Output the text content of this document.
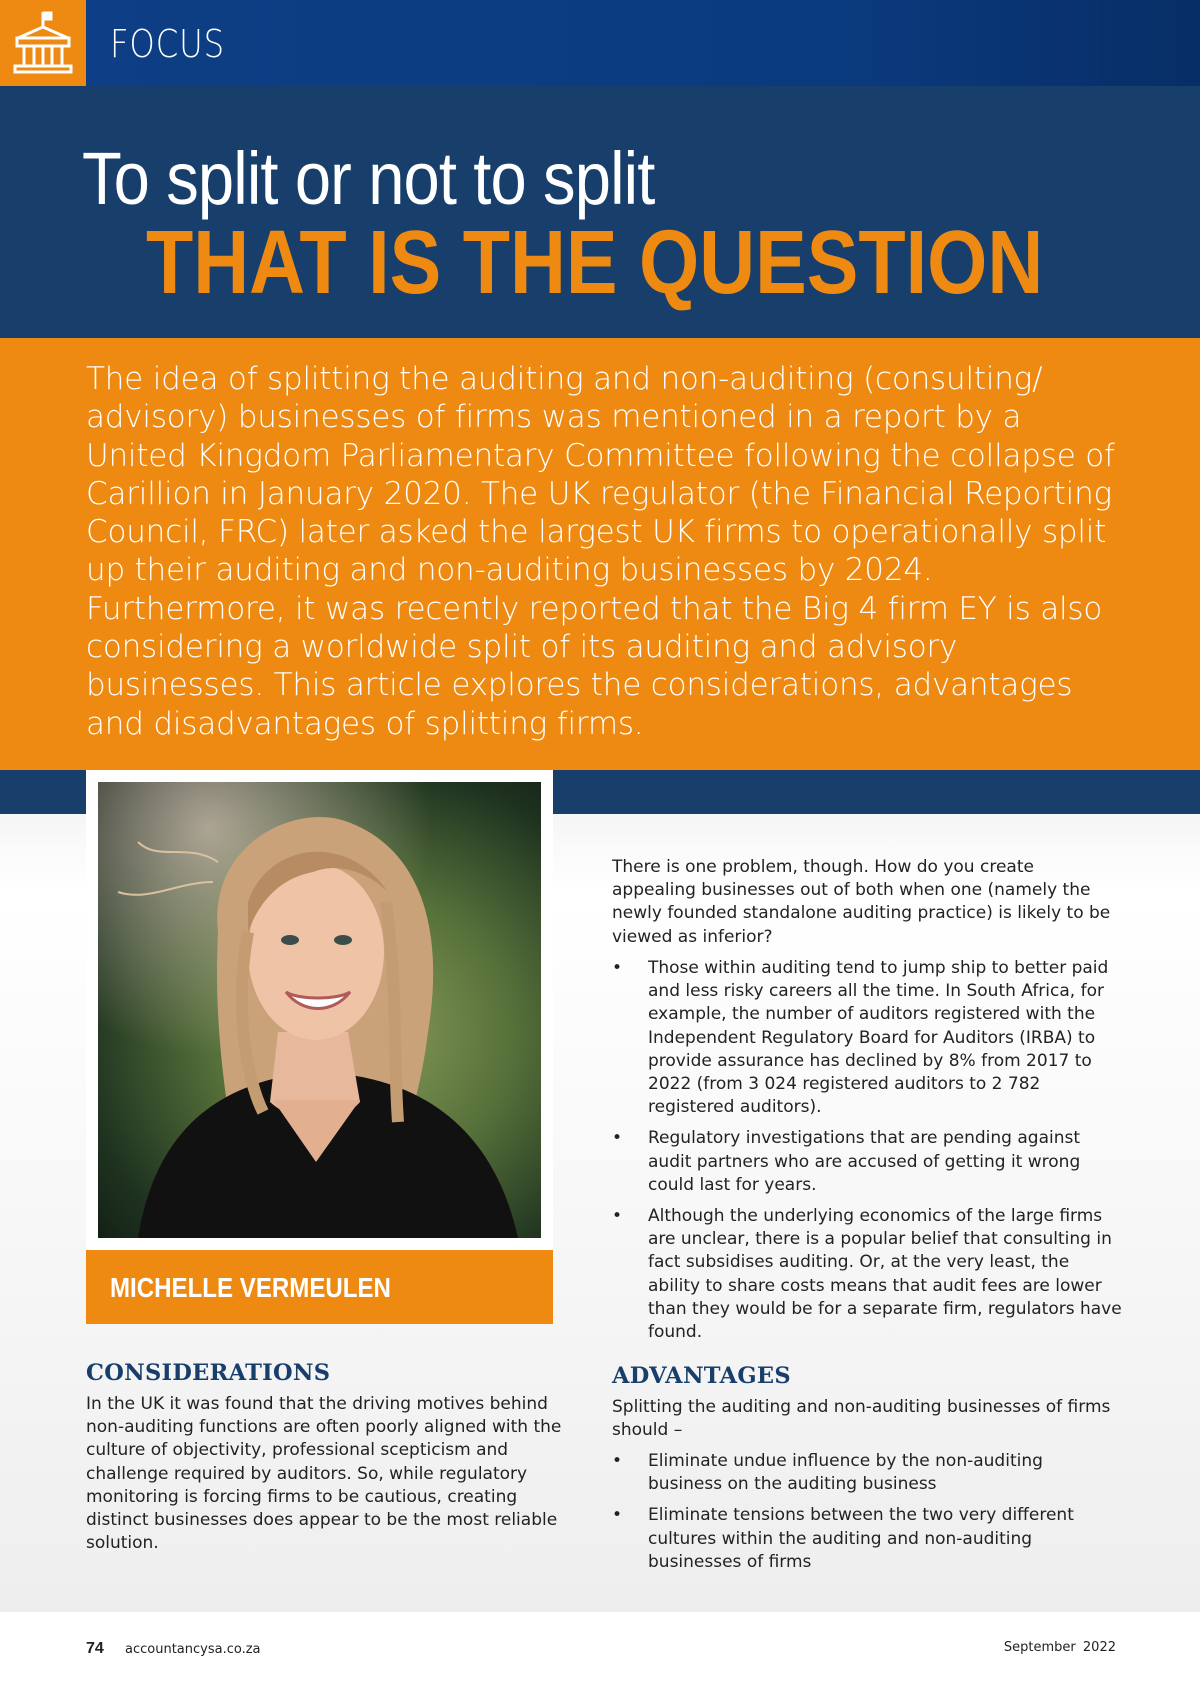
FOCUS
To split or not to split
THAT IS THE QUESTION
The idea of splitting the auditing and non-auditing (consulting/ advisory) businesses of firms was mentioned in a report by a United Kingdom Parliamentary Committee following the collapse of Carillion in January 2020. The UK regulator (the Financial Reporting Council, FRC) later asked the largest UK firms to operationally split up their auditing and non-auditing businesses by 2024. Furthermore, it was recently reported that the Big 4 firm EY is also considering a worldwide split of its auditing and advisory businesses. This article explores the considerations, advantages and disadvantages of splitting firms.
MICHELLE VERMEULEN
CONSIDERATIONS
In the UK it was found that the driving motives behind non-auditing functions are often poorly aligned with the culture of objectivity, professional scepticism and challenge required by auditors. So, while regulatory monitoring is forcing firms to be cautious, creating distinct businesses does appear to be the most reliable solution.
There is one problem, though. How do you create appealing businesses out of both when one (namely the newly founded standalone auditing practice) is likely to be viewed as inferior?
• Those within auditing tend to jump ship to better paid and less risky careers all the time. In South Africa, for example, the number of auditors registered with the Independent Regulatory Board for Auditors (IRBA) to provide assurance has declined by 8% from 2017 to 2022 (from 3 024 registered auditors to 2 782 registered auditors).
• Regulatory investigations that are pending against audit partners who are accused of getting it wrong could last for years.
• Although the underlying economics of the large firms are unclear, there is a popular belief that consulting in fact subsidises auditing. Or, at the very least, the ability to share costs means that audit fees are lower than they would be for a separate firm, regulators have found.
ADVANTAGES
Splitting the auditing and non-auditing businesses of firms should –
• Eliminate undue influence by the non-auditing business on the auditing business
• Eliminate tensions between the two very different cultures within the auditing and non-auditing businesses of firms
74 accountancysa.co.za	September 2022
